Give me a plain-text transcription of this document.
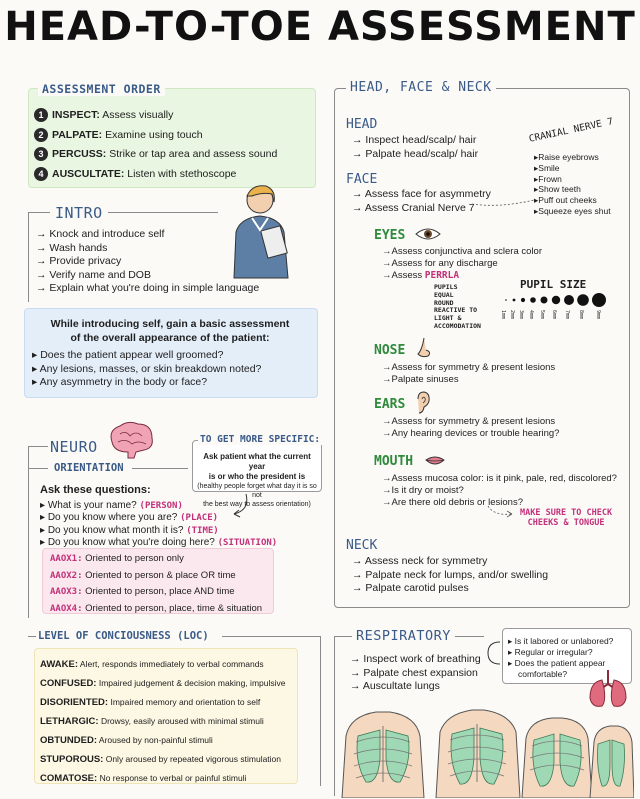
HEAD-TO-TOE ASSESSMENT
ASSESSMENT ORDER
1 INSPECT: Assess visually
2 PALPATE: Examine using touch
3 PERCUSS: Strike or tap area and assess sound
4 AUSCULTATE: Listen with stethoscope
INTRO
→ Knock and introduce self
→ Wash hands
→ Provide privacy
→ Verify name and DOB
→ Explain what you're doing in simple language
While introducing self, gain a basic assessment
of the overall appearance of the patient:
▸ Does the patient appear well groomed?
▸ Any lesions, masses, or skin breakdown noted?
▸ Any asymmetry in the body or face?
NEURO
ORIENTATION
TO GET MORE SPECIFIC:
Ask patient what the current year
is or who the president is
(healthy people forget what day it is so not
the best way to assess orientation)
Ask these questions:
▸ What is your name? (PERSON)
▸ Do you know where you are? (PLACE)
▸ Do you know what month it is? (TIME)
▸ Do you know what you're doing here? (SITUATION)
AAOX1: Oriented to person only
AAOX2: Oriented to person & place OR time
AAOX3: Oriented to person, place AND time
AAOX4: Oriented to person, place, time & situation
LEVEL OF CONCIOUSNESS (LOC)
AWAKE: Alert, responds immediately to verbal commands
CONFUSED: Impaired judgement & decision making, impulsive
DISORIENTED: Impaired memory and orientation to self
LETHARGIC: Drowsy, easily aroused with minimal stimuli
OBTUNDED: Aroused by non-painful stimuli
STUPOROUS: Only aroused by repeated vigorous stimulation
COMATOSE: No response to verbal or painful stimuli
HEAD, FACE & NECK
HEAD
→ Inspect head/scalp/ hair
→ Palpate head/scalp/ hair
FACE
→ Assess face for asymmetry
→ Assess Cranial Nerve 7
CRANIAL NERVE 7
▸Raise eyebrows
▸Smile
▸Frown
▸Show teeth
▸Puff out cheeks
▸Squeeze eyes shut
EYES
→Assess conjunctiva and sclera color
→Assess for any discharge
→Assess PERRLA
PUPILS
EQUAL
ROUND
REACTIVE TO
LIGHT &
ACCOMODATION
PUPIL SIZE
1mm 2mm 3mm 4mm 5mm 6mm 7mm 8mm 9mm
NOSE
→Assess for symmetry & present lesions
→Palpate sinuses
EARS
→Assess for symmetry & present lesions
→Any hearing devices or trouble hearing?
MOUTH
→Assess mucosa color: is it pink, pale, red, discolored?
→Is it dry or moist?
→Are there old debris or lesions?
MAKE SURE TO CHECK
CHEEKS & TONGUE
NECK
→ Assess neck for symmetry
→ Palpate neck for lumps, and/or swelling
→ Palpate carotid pulses
RESPIRATORY
→ Inspect work of breathing
→ Palpate chest expansion
→ Auscultate lungs
▸ Is it labored or unlabored?
▸ Regular or irregular?
▸ Does the patient appear
comfortable?
